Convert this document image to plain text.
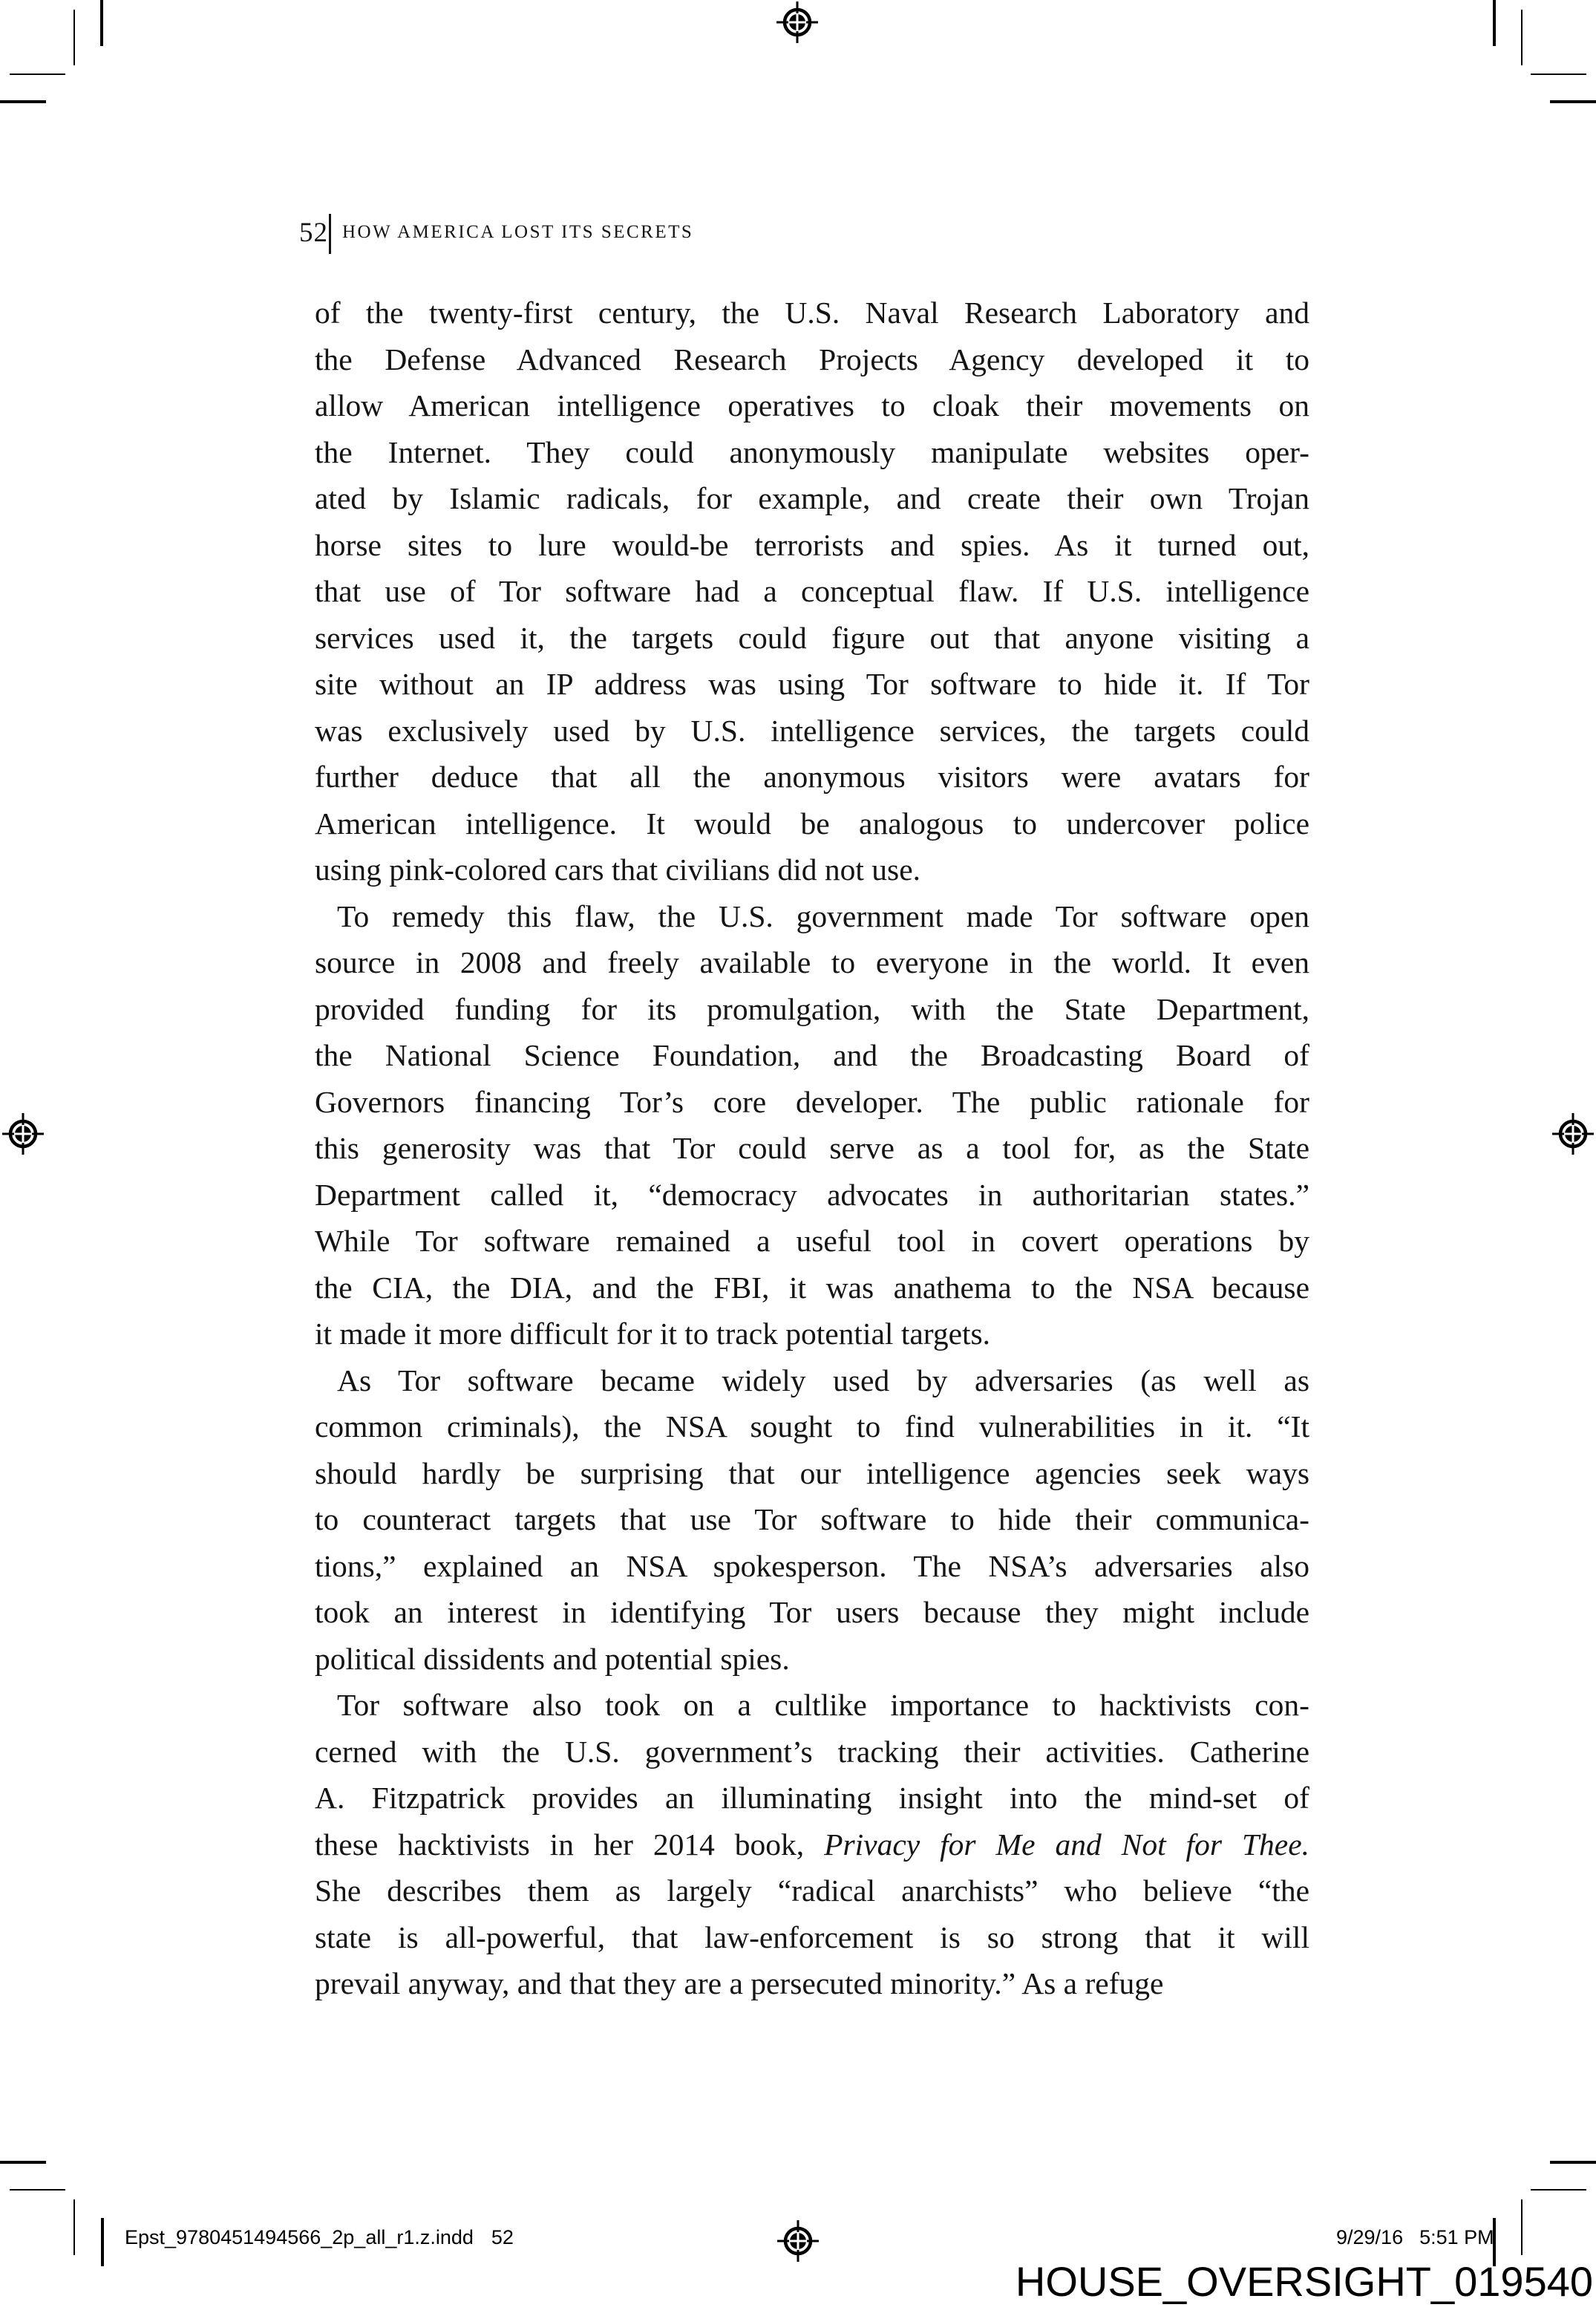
52 HOW AMERICA LOST ITS SECRETS
of the twenty-first century, the U.S. Naval Research Laboratory and
the Defense Advanced Research Projects Agency developed it to
allow American intelligence operatives to cloak their movements on
the Internet. They could anonymously manipulate websites oper-
ated by Islamic radicals, for example, and create their own Trojan
horse sites to lure would-be terrorists and spies. As it turned out,
that use of Tor software had a conceptual flaw. If U.S. intelligence
services used it, the targets could figure out that anyone visiting a
site without an IP address was using Tor software to hide it. If Tor
was exclusively used by U.S. intelligence services, the targets could
further deduce that all the anonymous visitors were avatars for
American intelligence. It would be analogous to undercover police
using pink-colored cars that civilians did not use.
To remedy this flaw, the U.S. government made Tor software open
source in 2008 and freely available to everyone in the world. It even
provided funding for its promulgation, with the State Department,
the National Science Foundation, and the Broadcasting Board of
Governors financing Tor’s core developer. The public rationale for
this generosity was that Tor could serve as a tool for, as the State
Department called it, “democracy advocates in authoritarian states.”
While Tor software remained a useful tool in covert operations by
the CIA, the DIA, and the FBI, it was anathema to the NSA because
it made it more difficult for it to track potential targets.
As Tor software became widely used by adversaries (as well as
common criminals), the NSA sought to find vulnerabilities in it. “It
should hardly be surprising that our intelligence agencies seek ways
to counteract targets that use Tor software to hide their communica-
tions,” explained an NSA spokesperson. The NSA’s adversaries also
took an interest in identifying Tor users because they might include
political dissidents and potential spies.
Tor software also took on a cultlike importance to hacktivists con-
cerned with the U.S. government’s tracking their activities. Catherine
A. Fitzpatrick provides an illuminating insight into the mind-set of
these hacktivists in her 2014 book, Privacy for Me and Not for Thee.
She describes them as largely “radical anarchists” who believe “the
state is all-powerful, that law-enforcement is so strong that it will
prevail anyway, and that they are a persecuted minority.” As a refuge
Epst_9780451494566_2p_all_r1.z.indd 52	9/29/16 5:51 PM
HOUSE_OVERSIGHT_019540
